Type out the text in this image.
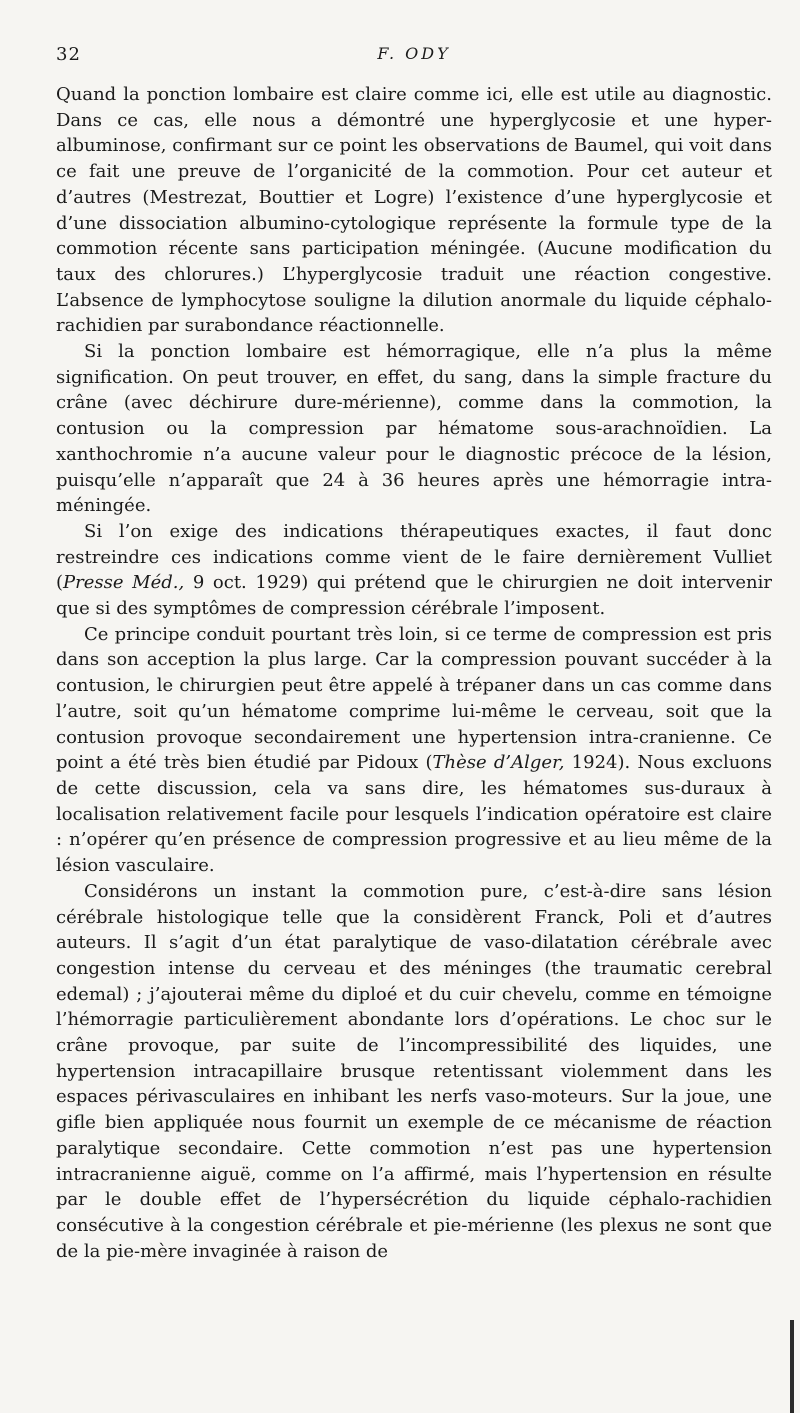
32	F. ODY

Quand la ponction lombaire est claire comme ici, elle est utile au diagnostic. Dans ce cas, elle nous a démontré une hyperglycosie et une hyper-albuminose, confirmant sur ce point les observations de Baumel, qui voit dans ce fait une preuve de l’organicité de la commotion. Pour cet auteur et d’autres (Mestrezat, Bouttier et Logre) l’existence d’une hyperglycosie et d’une dissociation albumino-cytologique représente la formule type de la commotion récente sans participation méningée. (Aucune modification du taux des chlorures.) L’hyperglycosie traduit une réaction congestive. L’absence de lymphocytose souligne la dilution anormale du liquide céphalo-rachidien par surabondance réactionnelle.

Si la ponction lombaire est hémorragique, elle n’a plus la même signification. On peut trouver, en effet, du sang, dans la simple fracture du crâne (avec déchirure dure-mérienne), comme dans la commotion, la contusion ou la compression par hématome sous-arachnoïdien. La xanthochromie n’a aucune valeur pour le diagnostic précoce de la lésion, puisqu’elle n’apparaît que 24 à 36 heures après une hémorragie intra-méningée.

Si l’on exige des indications thérapeutiques exactes, il faut donc restreindre ces indications comme vient de le faire dernièrement Vulliet (Presse Méd., 9 oct. 1929) qui prétend que le chirurgien ne doit intervenir que si des symptômes de compression cérébrale l’imposent.

Ce principe conduit pourtant très loin, si ce terme de compression est pris dans son acception la plus large. Car la compression pouvant succéder à la contusion, le chirurgien peut être appelé à trépaner dans un cas comme dans l’autre, soit qu’un hématome comprime lui-même le cerveau, soit que la contusion provoque secondairement une hypertension intra-cranienne. Ce point a été très bien étudié par Pidoux (Thèse d’Alger, 1924). Nous excluons de cette discussion, cela va sans dire, les hématomes sus-duraux à localisation relativement facile pour lesquels l’indication opératoire est claire : n’opérer qu’en présence de compression progressive et au lieu même de la lésion vasculaire.

Considérons un instant la commotion pure, c’est-à-dire sans lésion cérébrale histologique telle que la considèrent Franck, Poli et d’autres auteurs. Il s’agit d’un état paralytique de vaso-dilatation cérébrale avec congestion intense du cerveau et des méninges (the traumatic cerebral edemal) ; j’ajouterai même du diploé et du cuir chevelu, comme en témoigne l’hémorragie particulièrement abondante lors d’opérations. Le choc sur le crâne provoque, par suite de l’incompressibilité des liquides, une hypertension intracapillaire brusque retentissant violemment dans les espaces périvasculaires en inhibant les nerfs vaso-moteurs. Sur la joue, une gifle bien appliquée nous fournit un exemple de ce mécanisme de réaction paralytique secondaire. Cette commotion n’est pas une hypertension intracranienne aiguë, comme on l’a affirmé, mais l’hypertension en résulte par le double effet de l’hypersécrétion du liquide céphalo-rachidien consécutive à la congestion cérébrale et pie-mérienne (les plexus ne sont que de la pie-mère invaginée à raison de
